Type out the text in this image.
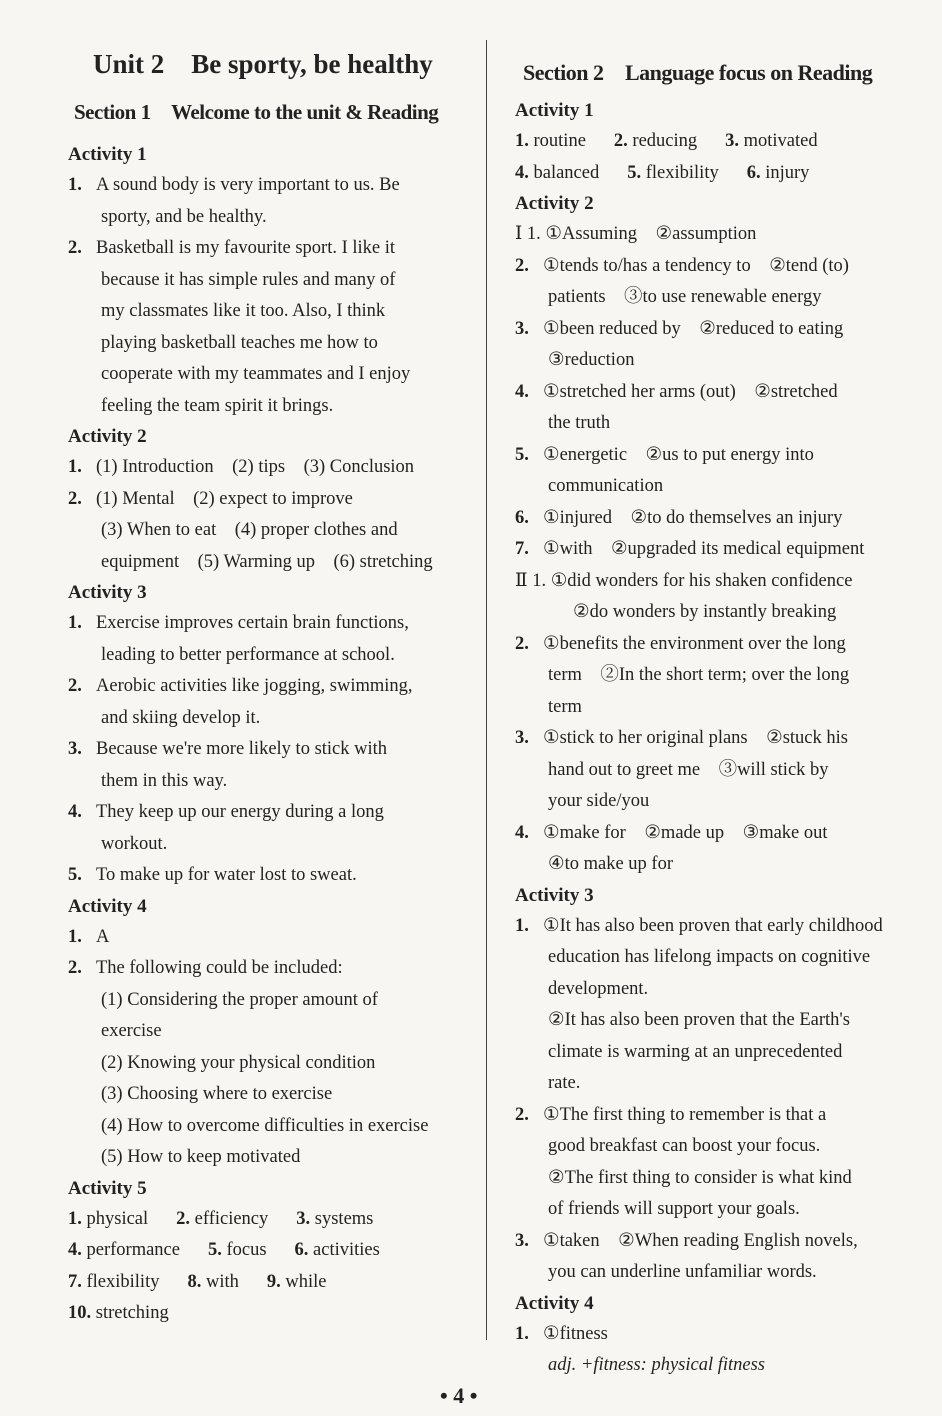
Unit 2　Be sporty, be healthy
Section 1　Welcome to the unit & Reading

Activity 1

1. A sound body is very important to us. Be
sporty, and be healthy.
2. Basketball is my favourite sport. I like it
because it has simple rules and many of
my classmates like it too. Also, I think
playing basketball teaches me how to
cooperate with my teammates and I enjoy
feeling the team spirit it brings.

Activity 2

1. (1) Introduction　(2) tips　(3) Conclusion
2. (1) Mental　(2) expect to improve
(3) When to eat　(4) proper clothes and
equipment　(5) Warming up　(6) stretching

Activity 3

1. Exercise improves certain brain functions,
leading to better performance at school.
2. Aerobic activities like jogging, swimming,
and skiing develop it.
3. Because we're more likely to stick with
them in this way.
4. They keep up our energy during a long
workout.
5. To make up for water lost to sweat.

Activity 4

1. A
2. The following could be included:
(1) Considering the proper amount of
exercise
(2) Knowing your physical condition
(3) Choosing where to exercise
(4) How to overcome difficulties in exercise
(5) How to keep motivated

Activity 5

1. physical 2. efficiency 3. systems
4. performance 5. focus 6. activities
7. flexibility 8. with 9. while
10. stretching
Section 2　Language focus on Reading

Activity 1

1. routine 2. reducing 3. motivated
4. balanced 5. flexibility 6. injury

Activity 2

Ⅰ 1. ①Assuming　②assumption
2. ①tends to/has a tendency to　②tend (to)
patients　③to use renewable energy
3. ①been reduced by　②reduced to eating
③reduction
4. ①stretched her arms (out)　②stretched
the truth
5. ①energetic　②us to put energy into
communication
6. ①injured　②to do themselves an injury
7. ①with　②upgraded its medical equipment
Ⅱ 1. ①did wonders for his shaken confidence
②do wonders by instantly breaking
2. ①benefits the environment over the long
term　②In the short term; over the long
term
3. ①stick to her original plans　②stuck his
hand out to greet me　③will stick by
your side/you
4. ①make for　②made up　③make out
④to make up for

Activity 3

1. ①It has also been proven that early childhood
education has lifelong impacts on cognitive
development.
②It has also been proven that the Earth's
climate is warming at an unprecedented
rate.
2. ①The first thing to remember is that a
good breakfast can boost your focus.
②The first thing to consider is what kind
of friends will support your goals.
3. ①taken　②When reading English novels,
you can underline unfamiliar words.

Activity 4

1. ①fitness
adj. +fitness: physical fitness
• 4 •
